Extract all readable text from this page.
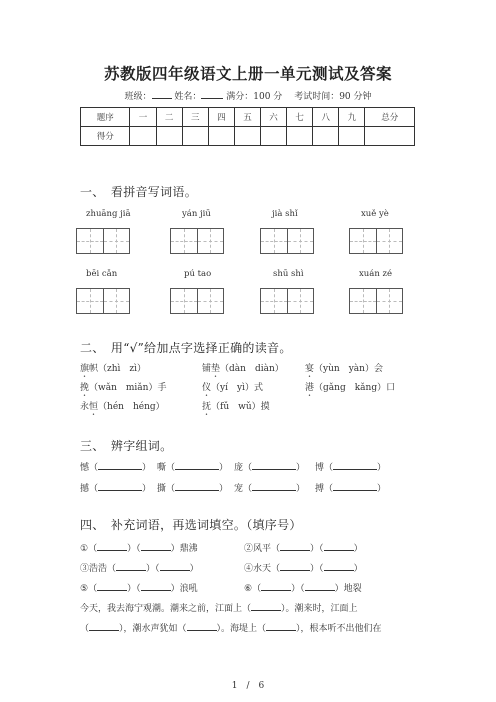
苏教版四年级语文上册一单元测试及答案
班级：	姓名：	满分：100 分　 考试时间：90 分钟
题序	一	二	三	四	五	六	七	八	九	总分
得分										
一、　看拼音写词语。
zhuāng jiā	yán jiū	jià shǐ	xuě yè
bēi cǎn	pú tao	shū shì	xuán zé
二、　用“√”给加点字选择正确的读音。
旗帜（zhì　zì）	铺垫（dàn　diàn） 宴（yùn　yàn）会
挽（wǎn　miǎn）手	仪（yí　yì）式	港（gǎng　kǎng）口
永恒（hén　héng）	抚（fǔ　wǔ）摸
三、　辨字组词。
憾（	） 嘶（	） 庞（	） 博（	）
撼（	） 撕（	） 宠（	） 搏（	）
四、　补充词语，再选词填空。（填序号）
①（	）（	）鼎沸	②风平（	）（	）
③浩浩（	）（	）	④水天（	）（	）
⑤（	）（	）浪吼	⑥（	）（	）地裂
今天，我去海宁观潮。潮来之前，江面上（	）。潮来时，江面上
（	），潮水声犹如（	）。海堤上（	），根本听不出他们在
1　/　6
